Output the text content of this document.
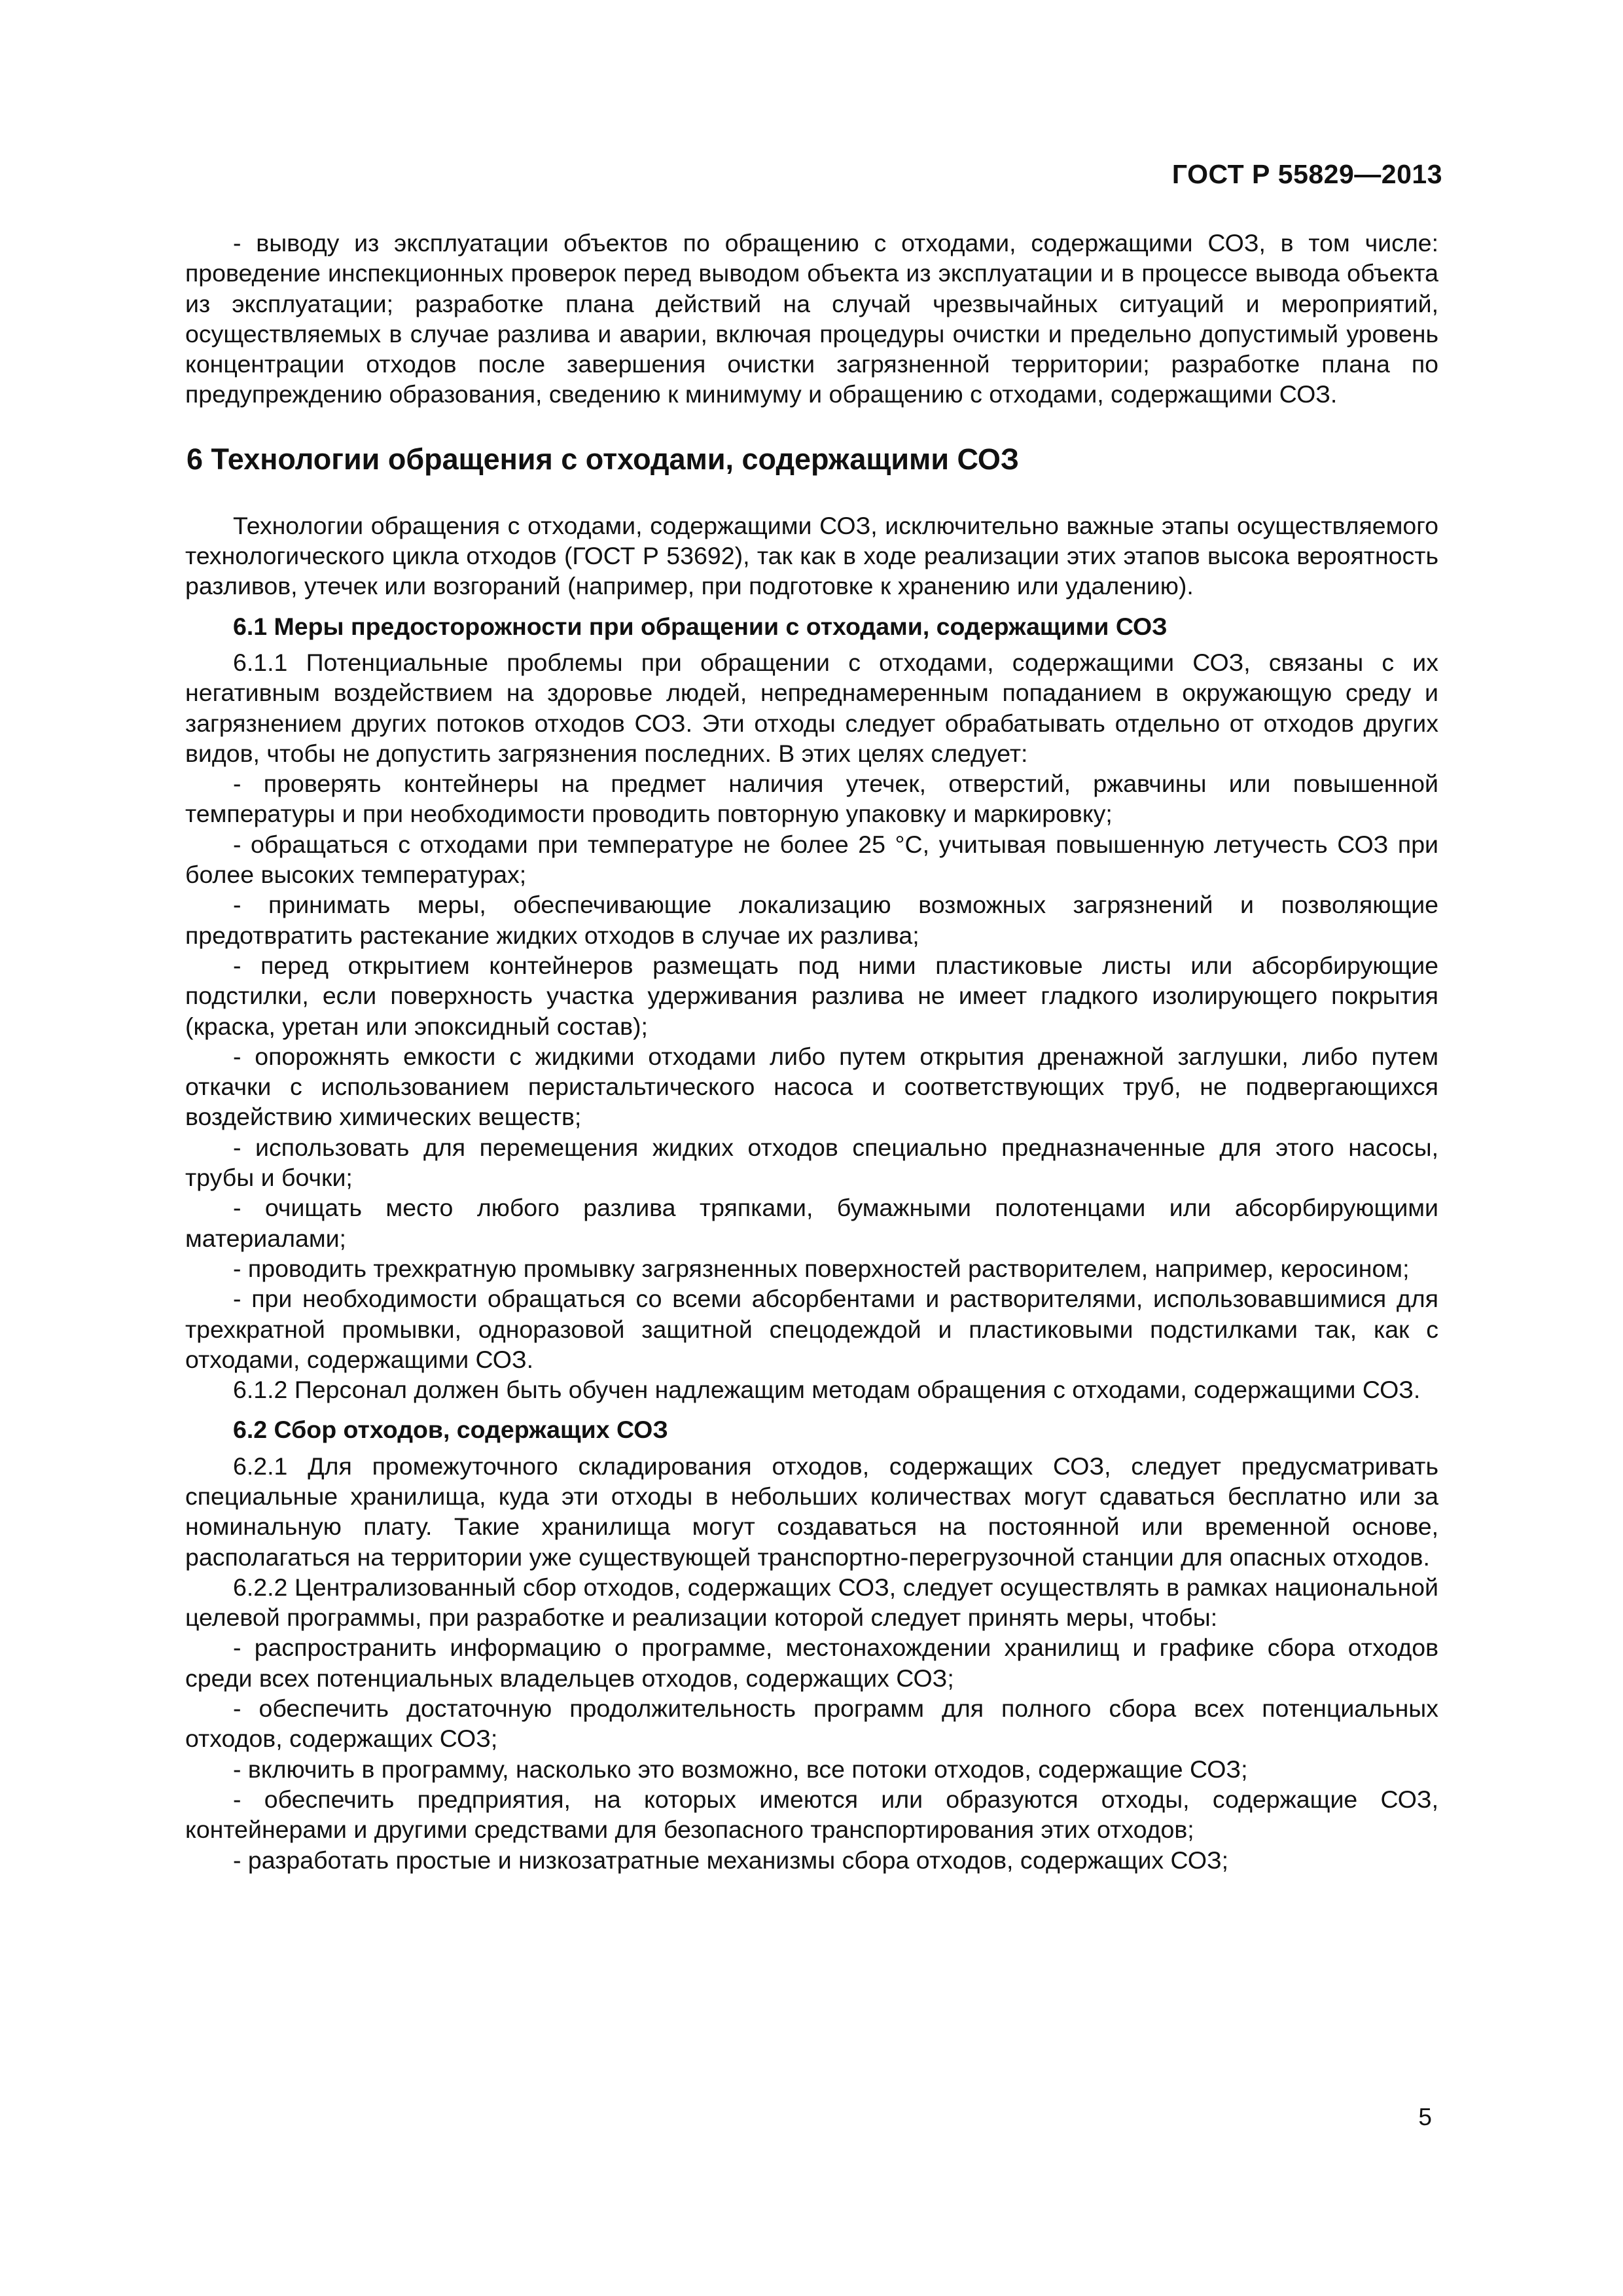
ГОСТ Р 55829—2013

- выводу из эксплуатации объектов по обращению с отходами, содержащими СОЗ, в том числе: проведение инспекционных проверок перед выводом объекта из эксплуатации и в процессе вывода объекта из эксплуатации; разработке плана действий на случай чрезвычайных ситуаций и мероприятий, осуществляемых в случае разлива и аварии, включая процедуры очистки и предельно допустимый уровень концентрации отходов после завершения очистки загрязненной территории; разработке плана по предупреждению образования, сведению к минимуму и обращению с отходами, содержащими СОЗ.

6 Технологии обращения с отходами, содержащими СОЗ

Технологии обращения с отходами, содержащими СОЗ, исключительно важные этапы осуществляемого технологического цикла отходов (ГОСТ Р 53692), так как в ходе реализации этих этапов высока вероятность разливов, утечек или возгораний (например, при подготовке к хранению или удалению).

6.1 Меры предосторожности при обращении с отходами, содержащими СОЗ

6.1.1 Потенциальные проблемы при обращении с отходами, содержащими СОЗ, связаны с их негативным воздействием на здоровье людей, непреднамеренным попаданием в окружающую среду и загрязнением других потоков отходов СОЗ. Эти отходы следует обрабатывать отдельно от отходов других видов, чтобы не допустить загрязнения последних. В этих целях следует:

- проверять контейнеры на предмет наличия утечек, отверстий, ржавчины или повышенной температуры и при необходимости проводить повторную упаковку и маркировку;

- обращаться с отходами при температуре не более 25 °С, учитывая повышенную летучесть СОЗ при более высоких температурах;

- принимать меры, обеспечивающие локализацию возможных загрязнений и позволяющие предотвратить растекание жидких отходов в случае их разлива;

- перед открытием контейнеров размещать под ними пластиковые листы или абсорбирующие подстилки, если поверхность участка удерживания разлива не имеет гладкого изолирующего покрытия (краска, уретан или эпоксидный состав);

- опорожнять емкости с жидкими отходами либо путем открытия дренажной заглушки, либо путем откачки с использованием перистальтического насоса и соответствующих труб, не подвергающихся воздействию химических веществ;

- использовать для перемещения жидких отходов специально предназначенные для этого насосы, трубы и бочки;

- очищать место любого разлива тряпками, бумажными полотенцами или абсорбирующими материалами;

- проводить трехкратную промывку загрязненных поверхностей растворителем, например, керосином;

- при необходимости обращаться со всеми абсорбентами и растворителями, использовавшимися для трехкратной промывки, одноразовой защитной спецодеждой и пластиковыми подстилками так, как с отходами, содержащими СОЗ.

6.1.2 Персонал должен быть обучен надлежащим методам обращения с отходами, содержащими СОЗ.

6.2 Сбор отходов, содержащих СОЗ

6.2.1 Для промежуточного складирования отходов, содержащих СОЗ, следует предусматривать специальные хранилища, куда эти отходы в небольших количествах могут сдаваться бесплатно или за номинальную плату. Такие хранилища могут создаваться на постоянной или временной основе, располагаться на территории уже существующей транспортно-перегрузочной станции для опасных отходов.

6.2.2 Централизованный сбор отходов, содержащих СОЗ, следует осуществлять в рамках национальной целевой программы, при разработке и реализации которой следует принять меры, чтобы:

- распространить информацию о программе, местонахождении хранилищ и графике сбора отходов среди всех потенциальных владельцев отходов, содержащих СОЗ;

- обеспечить достаточную продолжительность программ для полного сбора всех потенциальных отходов, содержащих СОЗ;

- включить в программу, насколько это возможно, все потоки отходов, содержащие СОЗ;

- обеспечить предприятия, на которых имеются или образуются отходы, содержащие СОЗ, контейнерами и другими средствами для безопасного транспортирования этих отходов;

- разработать простые и низкозатратные механизмы сбора отходов, содержащих СОЗ;

5
